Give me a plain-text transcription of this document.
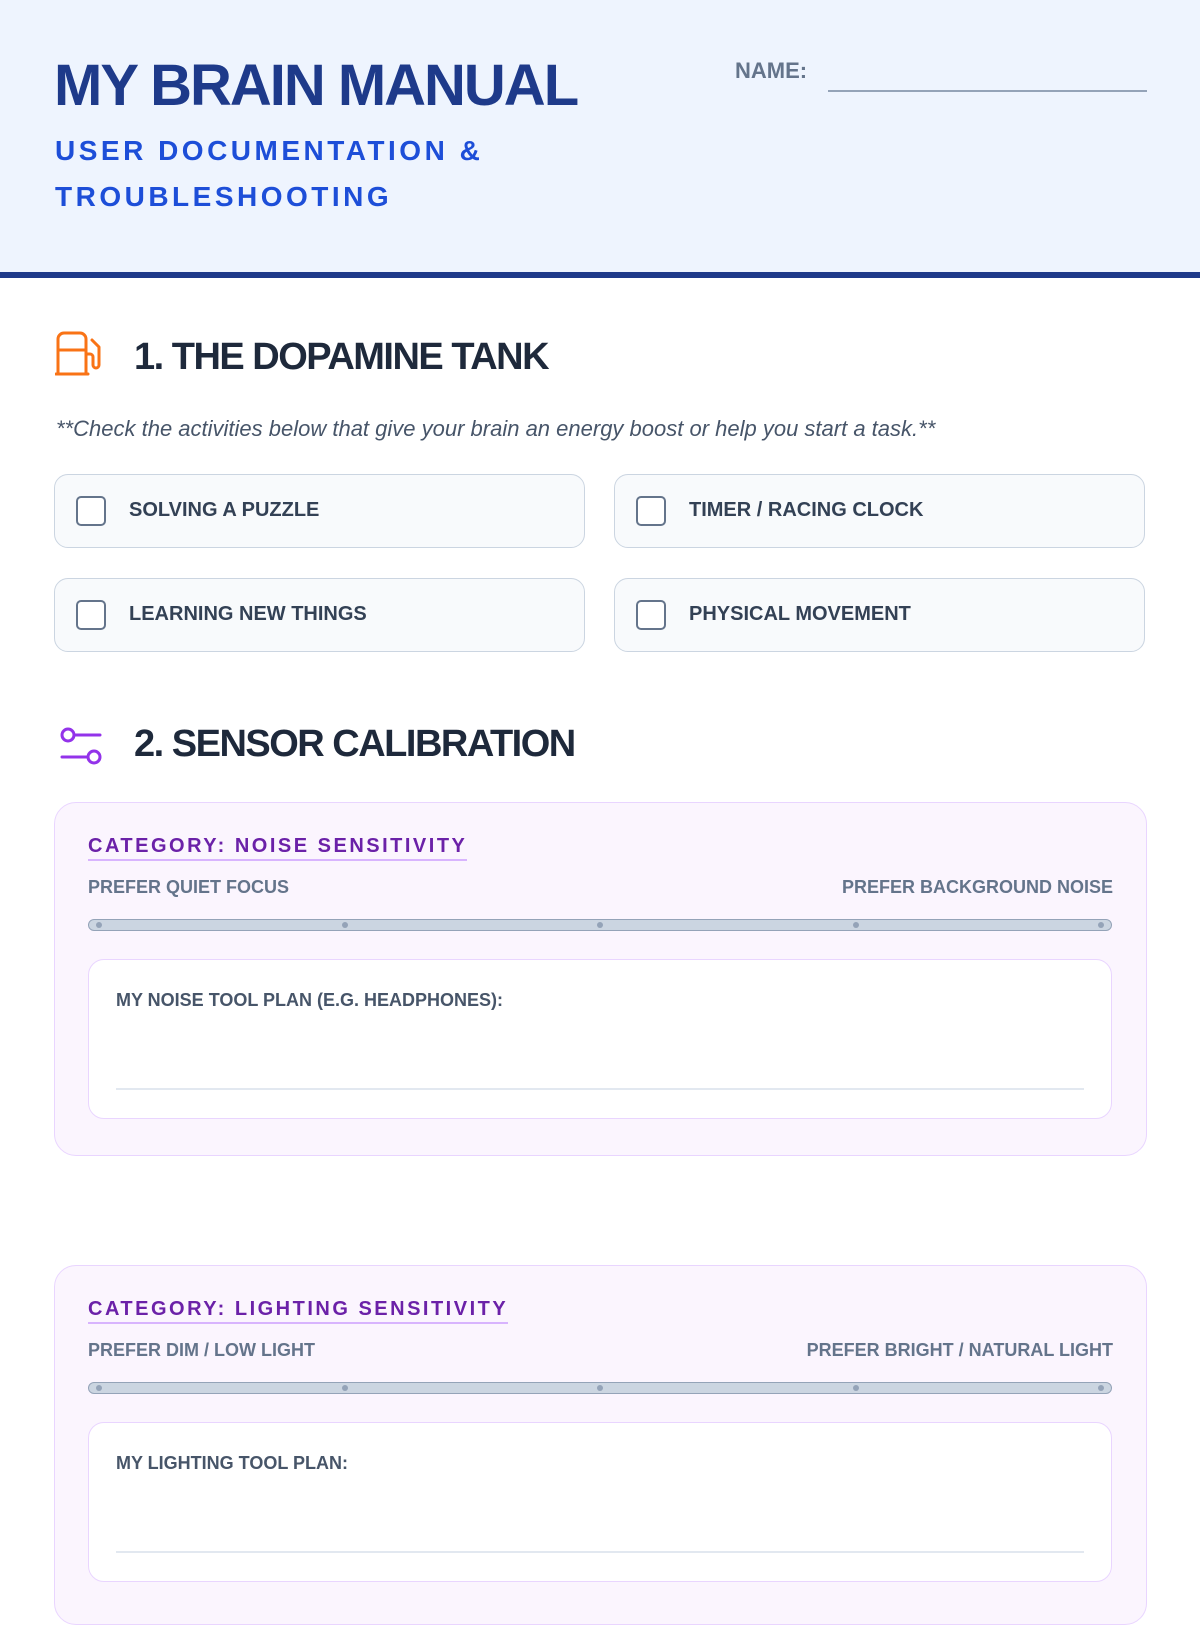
MY BRAIN MANUAL
USER DOCUMENTATION & TROUBLESHOOTING
NAME:
1. THE DOPAMINE TANK
**Check the activities below that give your brain an energy boost or help you start a task.**
SOLVING A PUZZLE	TIMER / RACING CLOCK
LEARNING NEW THINGS	PHYSICAL MOVEMENT
2. SENSOR CALIBRATION
CATEGORY: NOISE SENSITIVITY
PREFER QUIET FOCUS	PREFER BACKGROUND NOISE
MY NOISE TOOL PLAN (E.G. HEADPHONES):
CATEGORY: LIGHTING SENSITIVITY
PREFER DIM / LOW LIGHT	PREFER BRIGHT / NATURAL LIGHT
MY LIGHTING TOOL PLAN:
